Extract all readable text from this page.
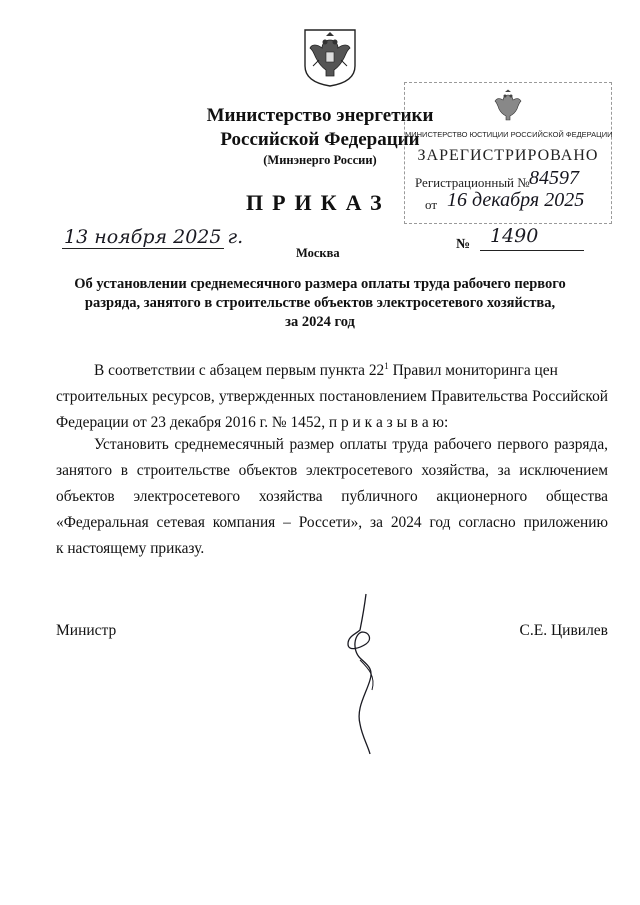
Министерство энергетики
Российской Федерации
(Минэнерго России)
ПРИКАЗ
МИНИСТЕРСТВО ЮСТИЦИИ РОССИЙСКОЙ ФЕДЕРАЦИИ
ЗАРЕГИСТРИРОВАНО
Регистрационный № 84597
от 16 декабря 2025
13 ноября 2025 г.
Москва
№ 1490
Об установлении среднемесячного размера оплаты труда рабочего первого
разряда, занятого в строительстве объектов электросетевого хозяйства,
за 2024 год
В соответствии с абзацем первым пункта $22^1$ Правил мониторинга цен
строительных ресурсов, утвержденных постановлением Правительства Российской
Федерации от 23 декабря 2016 г. № 1452, п р и к а з ы в а ю:
Установить среднемесячный размер оплаты труда рабочего первого разряда,
занятого в строительстве объектов электросетевого хозяйства, за исключением
объектов электросетевого хозяйства публичного акционерного общества
«Федеральная сетевая компания – Россети», за 2024 год согласно приложению
к настоящему приказу.
Министр	С.Е. Цивилев
